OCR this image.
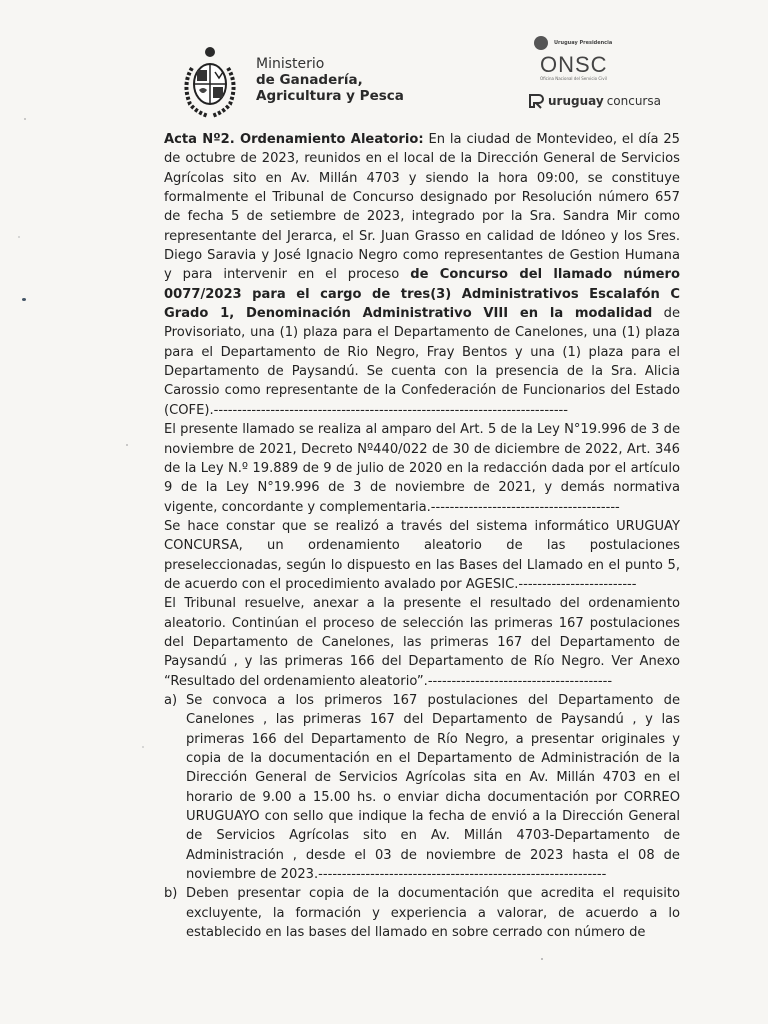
Ministerio
de Ganadería,
Agricultura y Pesca
Uruguay Presidencia
ONSC
Oficina Nacional del Servicio Civil
uruguay concursa

Acta Nº2. Ordenamiento Aleatorio: En la ciudad de Montevideo, el día 25 de octubre de 2023, reunidos en el local de la Dirección General de Servicios Agrícolas sito en Av. Millán 4703 y siendo la hora 09:00, se constituye formalmente el Tribunal de Concurso designado por Resolución número 657 de fecha 5 de setiembre de 2023, integrado por la Sra. Sandra Mir como representante del Jerarca, el Sr. Juan Grasso en calidad de Idóneo y los Sres. Diego Saravia y José Ignacio Negro como representantes de Gestion Humana y para intervenir en el proceso de Concurso del llamado número 0077/2023 para el cargo de tres(3) Administrativos Escalafón C Grado 1, Denominación Administrativo VIII en la modalidad de Provisoriato, una (1) plaza para el Departamento de Canelones, una (1) plaza para el Departamento de Rio Negro, Fray Bentos y una (1) plaza para el Departamento de Paysandú. Se cuenta con la presencia de la Sra. Alicia Carossio como representante de la Confederación de Funcionarios del Estado (COFE).---------------------------------------------------------------------------

El presente llamado se realiza al amparo del Art. 5 de la Ley N°19.996 de 3 de noviembre de 2021, Decreto Nº440/022 de 30 de diciembre de 2022, Art. 346 de la Ley N.º 19.889 de 9 de julio de 2020 en la redacción dada por el artículo 9 de la Ley N°19.996 de 3 de noviembre de 2021, y demás normativa vigente, concordante y complementaria.----------------------------------------

Se hace constar que se realizó a través del sistema informático URUGUAY CONCURSA, un ordenamiento aleatorio de las postulaciones preseleccionadas, según lo dispuesto en las Bases del Llamado en el punto 5, de acuerdo con el procedimiento avalado por AGESIC.-------------------------

El Tribunal resuelve, anexar a la presente el resultado del ordenamiento aleatorio. Continúan el proceso de selección las primeras 167 postulaciones del Departamento de Canelones, las primeras 167 del Departamento de Paysandú , y las primeras 166 del Departamento de Río Negro. Ver Anexo “Resultado del ordenamiento aleatorio”.---------------------------------------

a) Se convoca a los primeros 167 postulaciones del Departamento de Canelones , las primeras 167 del Departamento de Paysandú , y las primeras 166 del Departamento de Río Negro, a presentar originales y copia de la documentación en el Departamento de Administración de la Dirección General de Servicios Agrícolas sita en Av. Millán 4703 en el horario de 9.00 a 15.00 hs. o enviar dicha documentación por CORREO URUGUAYO con sello que indique la fecha de envió a la Dirección General de Servicios Agrícolas sito en Av. Millán 4703-Departamento de Administración , desde el 03 de noviembre de 2023 hasta el 08 de noviembre de 2023.-------------------------------------------------------------
b) Deben presentar copia de la documentación que acredita el requisito excluyente, la formación y experiencia a valorar, de acuerdo a lo establecido en las bases del llamado en sobre cerrado con número de
